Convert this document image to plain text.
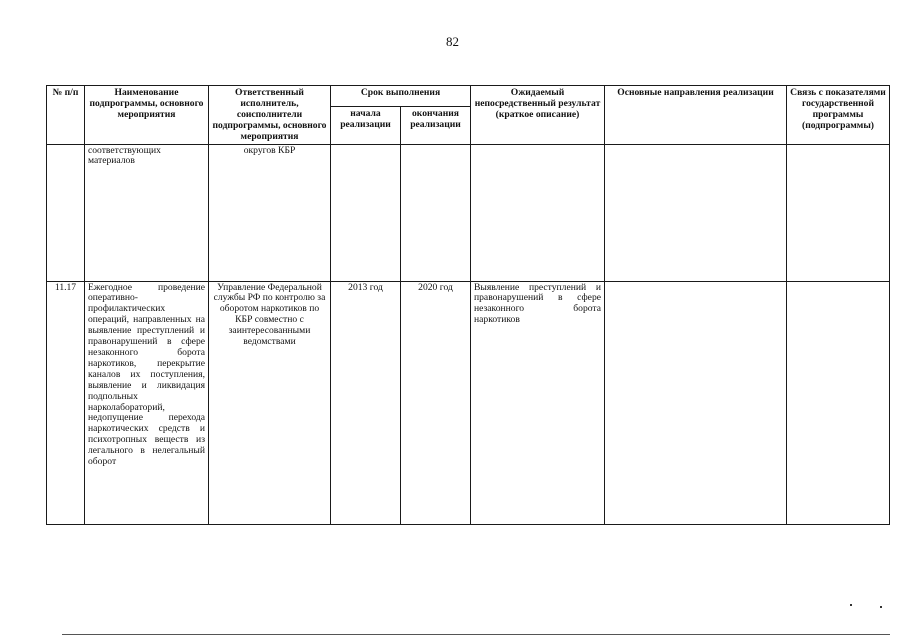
82
№ п/п	Наименование подпрограммы, основного мероприятия	Ответственный исполнитель, соисполнители подпрограммы, основного мероприятия	Срок выполнения		Ожидаемый непосредственный результат (краткое описание)	Основные направления реализации	Связь с показателями государственной программы (подпрограммы)
			начала реализации	окончания реализации			
	соответствующих материалов	округов КБР					
11.17	Ежегодное проведение оперативно-профилактических операций, направленных на выявление преступлений и правонарушений в сфере незаконного борота наркотиков, перекрытие каналов их поступления, выявление и ликвидация подпольных нарколабораторий, недопущение перехода наркотических средств и психотропных веществ из легального в нелегальный оборот	Управление Федеральной службы РФ по контролю за оборотом наркотиков по КБР совместно с заинтересованными ведомствами	2013 год	2020 год	Выявление преступлений и правонарушений в сфере незаконного борота наркотиков		
